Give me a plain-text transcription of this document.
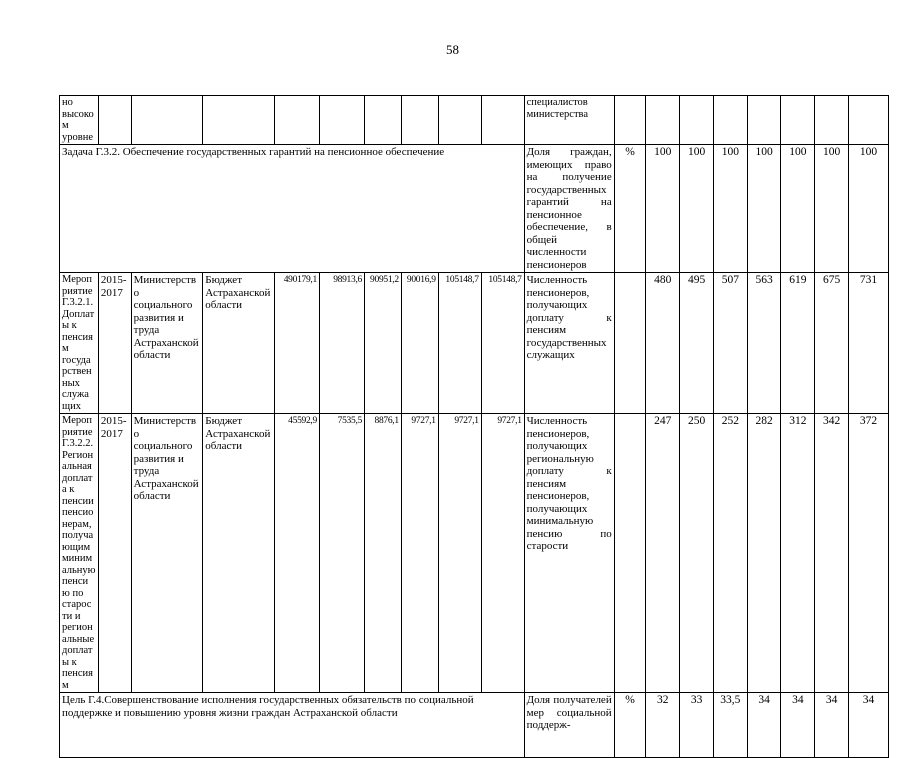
58
но высоком уровне										специалистов министерства								
Задача Г.3.2. Обеспечение государственных гарантий на пенсионное обеспечение										Доля граждан, имеющих право на получение государственных гарантий на пенсионное обеспечение, в общей численности пенсионеров	%	100	100	100	100	100	100	100
Мероприятие Г.3.2.1. Доплаты к пенсиям государственных служащих	2015-2017	Министерство социального развития и труда Астраханской области	Бюджет Астраханской области	490179,1	98913,6	90951,2	90016,9	105148,7	105148,7	Численность пенсионеров, получающих доплату к пенсиям государственных служащих		480	495	507	563	619	675	731
Мероприятие Г.3.2.2. Региональная доплата к пенсии пенсионерам, получающим минимальную пенсию по старости и региональные доплаты к пенсиям	2015-2017	Министерство социального развития и труда Астраханской области	Бюджет Астраханской области	45592,9	7535,5	8876,1	9727,1	9727,1	9727,1	Численность пенсионеров, получающих региональную доплату к пенсиям пенсионеров, получающих минимальную пенсию по старости		247	250	252	282	312	342	372
Цель Г.4.Совершенствование исполнения государственных обязательств по социальной поддержке и повышению уровня жизни граждан Астраханской области										Доля получателей мер социальной поддерж-	%	32	33	33,5	34	34	34	34
